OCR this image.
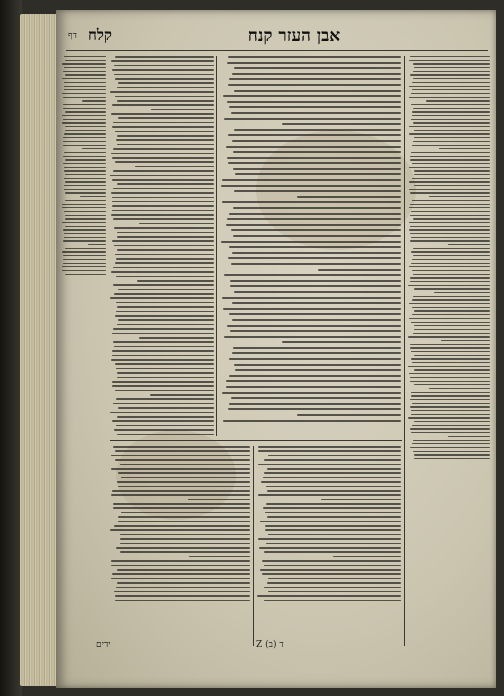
אבן העזר קנח
קלח
דף
Z (ב) ד
ידים
